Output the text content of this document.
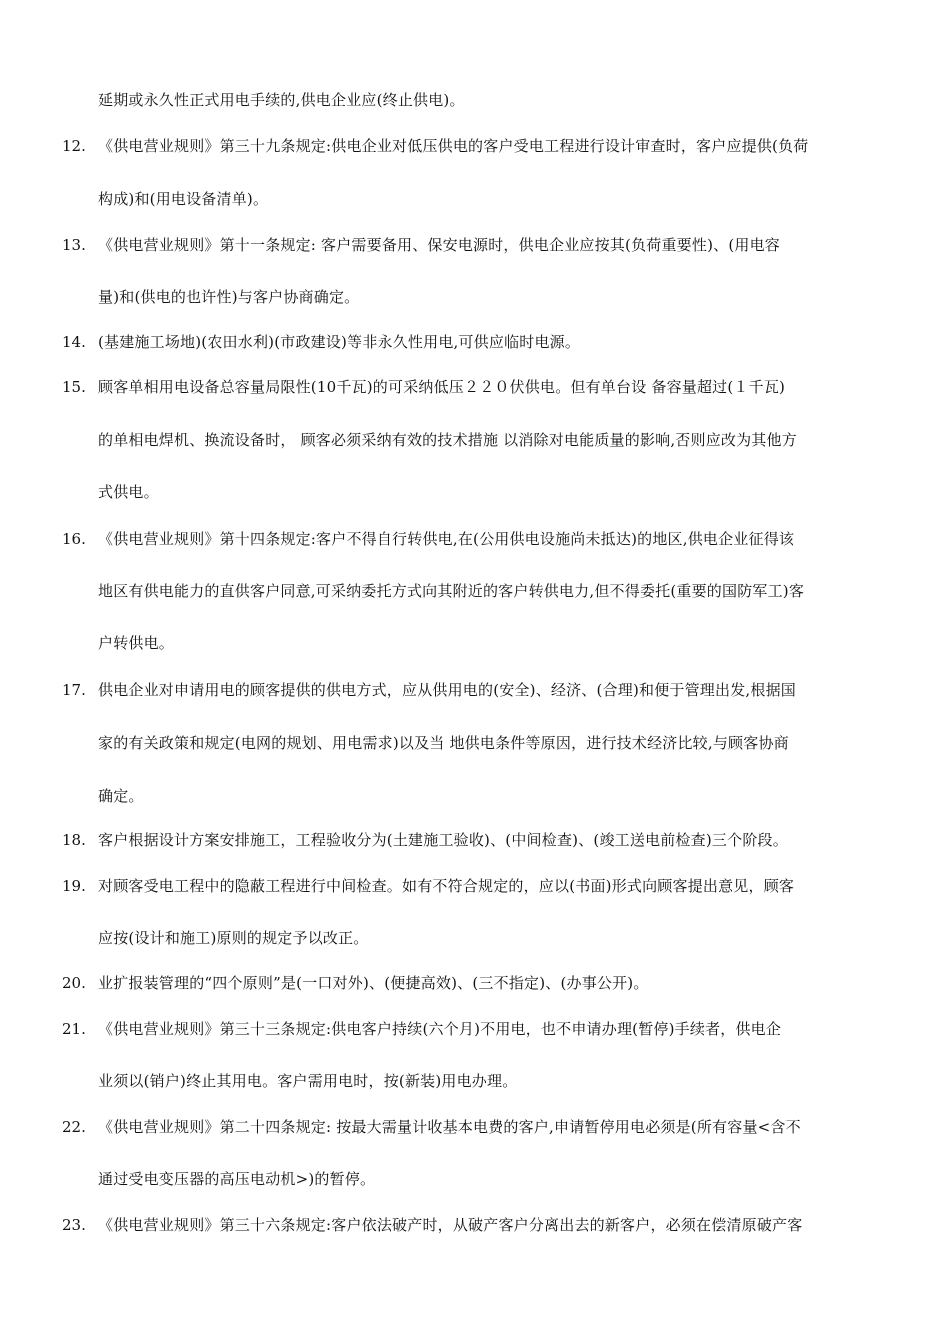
延期或永久性正式用电手续的,供电企业应(终止供电)。
12. 《供电营业规则》第三十九条规定:供电企业对低压供电的客户受电工程进行设计审查时，客户应提供(负荷
构成)和(用电设备清单)。
13. 《供电营业规则》第十一条规定: 客户需要备用、保安电源时，供电企业应按其(负荷重要性)、(用电容
量)和(供电的也许性)与客户协商确定。
14. (基建施工场地)(农田水利)(市政建设)等非永久性用电,可供应临时电源。
15. 顾客单相用电设备总容量局限性(10千瓦)的可采纳低压２２０伏供电。但有单台设 备容量超过(１千瓦)
的单相电焊机、换流设备时， 顾客必须采纳有效的技术措施 以消除对电能质量的影响,否则应改为其他方
式供电。
16. 《供电营业规则》第十四条规定:客户不得自行转供电,在(公用供电设施尚未抵达)的地区,供电企业征得该
地区有供电能力的直供客户同意,可采纳委托方式向其附近的客户转供电力,但不得委托(重要的国防军工)客
户转供电。
17. 供电企业对申请用电的顾客提供的供电方式，应从供用电的(安全)、经济、(合理)和便于管理出发,根据国
家的有关政策和规定(电网的规划、用电需求)以及当 地供电条件等原因，进行技术经济比较,与顾客协商
确定。
18. 客户根据设计方案安排施工，工程验收分为(土建施工验收)、(中间检查)、(竣工送电前检查)三个阶段。
19. 对顾客受电工程中的隐蔽工程进行中间检查。如有不符合规定的，应以(书面)形式向顾客提出意见，顾客
应按(设计和施工)原则的规定予以改正。
20. 业扩报装管理的“四个原则”是(一口对外)、(便捷高效)、(三不指定)、(办事公开)。
21. 《供电营业规则》第三十三条规定:供电客户持续(六个月)不用电，也不申请办理(暂停)手续者，供电企
业须以(销户)终止其用电。客户需用电时，按(新装)用电办理。
22. 《供电营业规则》第二十四条规定: 按最大需量计收基本电费的客户,申请暂停用电必须是(所有容量<含不
通过受电变压器的高压电动机>)的暂停。
23. 《供电营业规则》第三十六条规定:客户依法破产时，从破产客户分离出去的新客户，必须在偿清原破产客
